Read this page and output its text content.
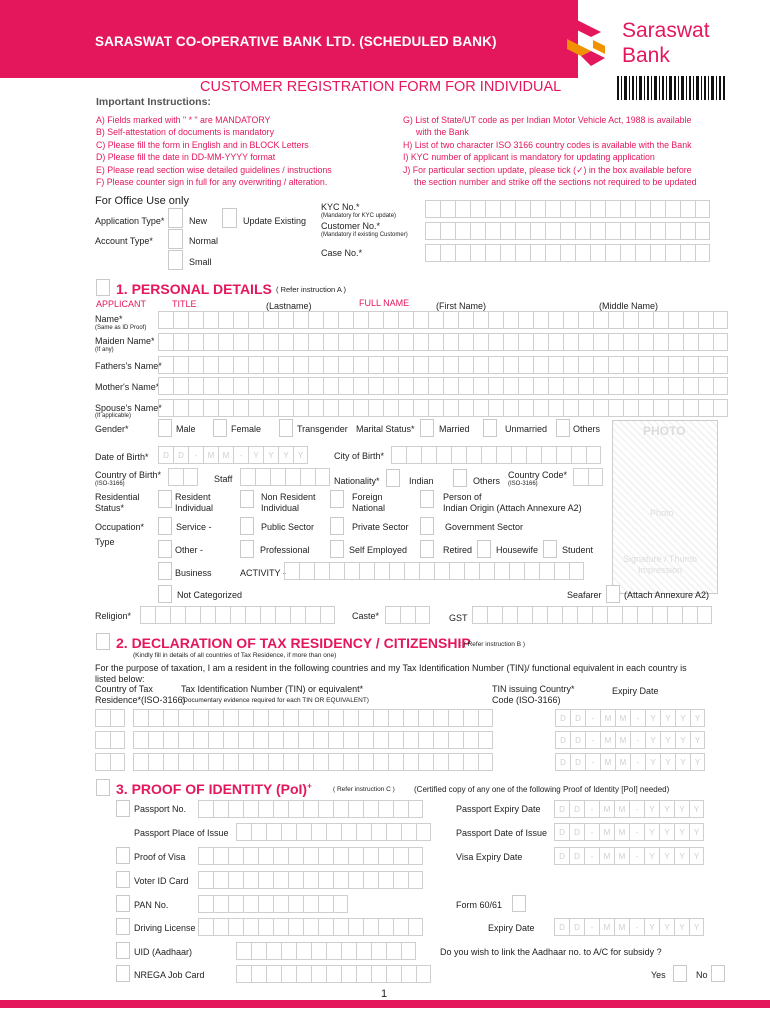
SARASWAT CO-OPERATIVE BANK LTD. (SCHEDULED BANK)	Saraswat
Bank
CUSTOMER REGISTRATION FORM FOR INDIVIDUAL
Important Instructions:
A) Fields marked with " * " are MANDATORY
B) Self-attestation of documents is mandatory
C) Please fill the form in English and in BLOCK Letters
D) Please fill the date in DD-MM-YYYY format
E) Please read section wise detailed guidelines / instructions
F) Please counter sign in full for any overwriting / alteration.
G) List of State/UT code as per Indian Motor Vehicle Act, 1988 is available
with the Bank
H) List of two character ISO 3166 country codes is available with the Bank
I) KYC number of applicant is mandatory for updating application
J) For particular section update, please tick (✓) in the box available before
the section number and strike off the sections not required to be updated
For Office Use only
Application Type*	New	Update Existing
Account Type*	Normal
Small
KYC No.*
(Mandatory for KYC update)
Customer No.*
(Mandatory if existing Customer)
Case No.*
1. PERSONAL DETAILS ( Refer instruction A )
APPLICANT	TITLE	(Lastname)	FULL NAME	(First Name)	(Middle Name)
Name*
(Same as ID Proof)
Maiden Name*
(If any)
Fathers's Name*
Mother's Name*
Spouse's Name*
(If applicable)
Gender*	Male	Female	Transgender Marital Status*	Married	Unmarried	Others	PHOTO
Photo
Signature / Thumb
Impression
Date of Birth*	D	D	-	M	M	-	Y	Y	Y	Y	City of Birth*
Country of Birth*
(ISO-3166)	Staff	Nationality*	Indian	Others
Country Code*
(ISO-3166)
Residential
Status*
Resident
Individual
Non Resident
Individual
Foreign
National
Person of
Indian Origin (Attach Annexure A2)
Occupation*
Type
Service -	Public Sector	Private Sector	Government Sector
Other -	Professional	Self Employed	Retired	Housewife	Student
Business	ACTIVITY -
Not Categorized	Seafarer (Attach Annexure A2)
Religion*	Caste*	GST
2. DECLARATION OF TAX RESIDENCY / CITIZENSHIP
: ( Refer instruction B )
(Kindly fill in details of all countries of Tax Residence, if more than one)
For the purpose of taxation, I am a resident in the following countries and my Tax Identification Number (TIN)/ functional equivalent in each country is
listed below:
Country of Tax
Residence*(ISO-3166)
Tax Identification Number (TIN) or equivalent*
(Documentary evidence required for each TIN OR EQUIVALENT)
TIN issuing Country*
Code (ISO-3166)
Expiry Date
D	D	-	M	M	-	Y	Y	Y	Y
D	D	-	M	M	-	Y	Y	Y	Y
D	D	-	M	M	-	Y	Y	Y	Y
3. PROOF OF IDENTITY (PoI)+	( Refer instruction C ) (Certified copy of any one of the following Proof of Identity [PoI] needed)
Passport No.	Passport Expiry Date	D	D	-	M	M	-	Y	Y	Y	Y
Passport Place of Issue	Passport Date of Issue	D	D	-	M	M	-	Y	Y	Y	Y
Proof of Visa	Visa Expiry Date	D	D	-	M	M	-	Y	Y	Y	Y
Voter ID Card
PAN No.	Form 60/61
Driving License	Expiry Date	D	D	-	M	M	-	Y	Y	Y	Y
UID (Aadhaar)	Do you wish to link the Aadhaar no. to A/C for subsidy ?
NREGA Job Card	Yes	No
1
